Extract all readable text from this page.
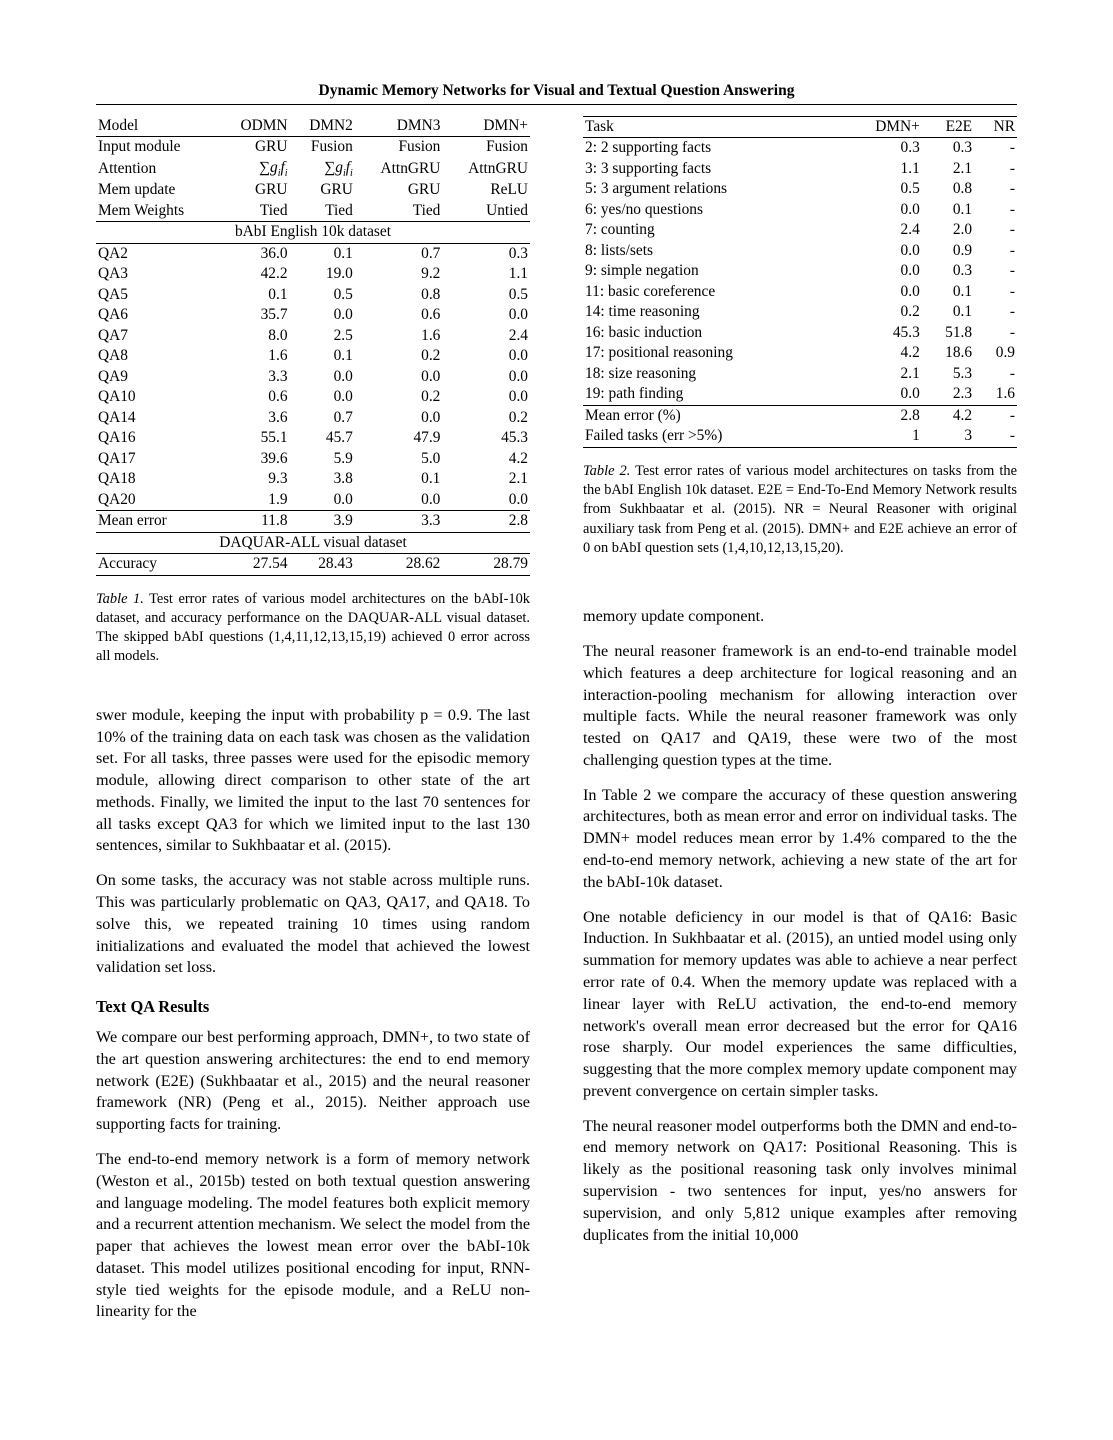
Dynamic Memory Networks for Visual and Textual Question Answering
Model	ODMN	DMN2	DMN3	DMN+
Input module	GRU	Fusion	Fusion	Fusion
Attention	$\sum g_if_i$	$\sum g_if_i$	AttnGRU	AttnGRU
Mem update	GRU	GRU	GRU	ReLU
Mem Weights	Tied	Tied	Tied	Untied
bAbI English 10k dataset				
QA2	36.0	0.1	0.7	0.3
QA3	42.2	19.0	9.2	1.1
QA5	0.1	0.5	0.8	0.5
QA6	35.7	0.0	0.6	0.0
QA7	8.0	2.5	1.6	2.4
QA8	1.6	0.1	0.2	0.0
QA9	3.3	0.0	0.0	0.0
QA10	0.6	0.0	0.2	0.0
QA14	3.6	0.7	0.0	0.2
QA16	55.1	45.7	47.9	45.3
QA17	39.6	5.9	5.0	4.2
QA18	9.3	3.8	0.1	2.1
QA20	1.9	0.0	0.0	0.0
Mean error	11.8	3.9	3.3	2.8
DAQUAR-ALL visual dataset				
Accuracy	27.54	28.43	28.62	28.79
Table 1. Test error rates of various model architectures on the bAbI-10k dataset, and accuracy performance on the DAQUAR-ALL visual dataset. The skipped bAbI questions (1,4,11,12,13,15,19) achieved 0 error across all models.

swer module, keeping the input with probability p = 0.9. The last 10% of the training data on each task was chosen as the validation set. For all tasks, three passes were used for the episodic memory module, allowing direct comparison to other state of the art methods. Finally, we limited the input to the last 70 sentences for all tasks except QA3 for which we limited input to the last 130 sentences, similar to Sukhbaatar et al. (2015).

On some tasks, the accuracy was not stable across multiple runs. This was particularly problematic on QA3, QA17, and QA18. To solve this, we repeated training 10 times using random initializations and evaluated the model that achieved the lowest validation set loss.

Text QA Results

We compare our best performing approach, DMN+, to two state of the art question answering architectures: the end to end memory network (E2E) (Sukhbaatar et al., 2015) and the neural reasoner framework (NR) (Peng et al., 2015). Neither approach use supporting facts for training.

The end-to-end memory network is a form of memory network (Weston et al., 2015b) tested on both textual question answering and language modeling. The model features both explicit memory and a recurrent attention mechanism. We select the model from the paper that achieves the lowest mean error over the bAbI-10k dataset. This model utilizes positional encoding for input, RNN-style tied weights for the episode module, and a ReLU non-linearity for the

Task	DMN+	E2E	NR
2: 2 supporting facts	0.3	0.3	-
3: 3 supporting facts	1.1	2.1	-
5: 3 argument relations	0.5	0.8	-
6: yes/no questions	0.0	0.1	-
7: counting	2.4	2.0	-
8: lists/sets	0.0	0.9	-
9: simple negation	0.0	0.3	-
11: basic coreference	0.0	0.1	-
14: time reasoning	0.2	0.1	-
16: basic induction	45.3	51.8	-
17: positional reasoning	4.2	18.6	0.9
18: size reasoning	2.1	5.3	-
19: path finding	0.0	2.3	1.6
Mean error (%)	2.8	4.2	-
Failed tasks (err >5%)	1	3	-
Table 2. Test error rates of various model architectures on tasks from the the bAbI English 10k dataset. E2E = End-To-End Memory Network results from Sukhbaatar et al. (2015). NR = Neural Reasoner with original auxiliary task from Peng et al. (2015). DMN+ and E2E achieve an error of 0 on bAbI question sets (1,4,10,12,13,15,20).

memory update component.

The neural reasoner framework is an end-to-end trainable model which features a deep architecture for logical reasoning and an interaction-pooling mechanism for allowing interaction over multiple facts. While the neural reasoner framework was only tested on QA17 and QA19, these were two of the most challenging question types at the time.

In Table 2 we compare the accuracy of these question answering architectures, both as mean error and error on individual tasks. The DMN+ model reduces mean error by 1.4% compared to the the end-to-end memory network, achieving a new state of the art for the bAbI-10k dataset.

One notable deficiency in our model is that of QA16: Basic Induction. In Sukhbaatar et al. (2015), an untied model using only summation for memory updates was able to achieve a near perfect error rate of 0.4. When the memory update was replaced with a linear layer with ReLU activation, the end-to-end memory network's overall mean error decreased but the error for QA16 rose sharply. Our model experiences the same difficulties, suggesting that the more complex memory update component may prevent convergence on certain simpler tasks.

The neural reasoner model outperforms both the DMN and end-to-end memory network on QA17: Positional Reasoning. This is likely as the positional reasoning task only involves minimal supervision - two sentences for input, yes/no answers for supervision, and only 5,812 unique examples after removing duplicates from the initial 10,000
